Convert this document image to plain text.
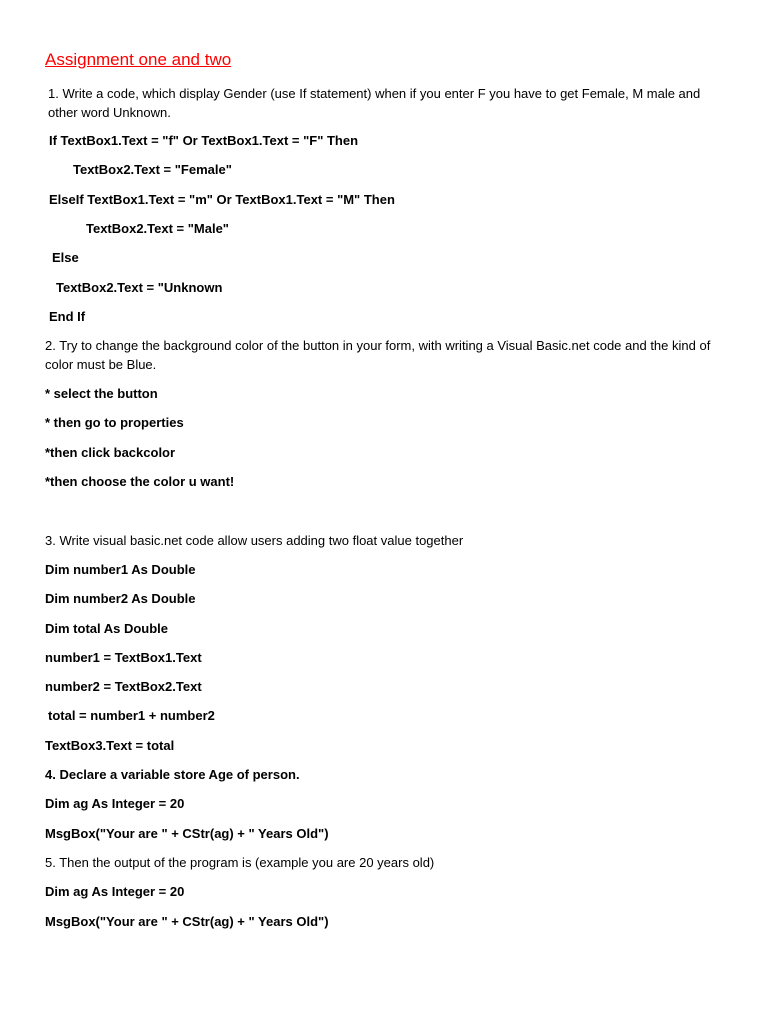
Assignment one and two

1. Write a code, which display Gender (use If statement) when if you enter F you have to get Female, M male and other word Unknown.

If TextBox1.Text = "f" Or TextBox1.Text = "F" Then

TextBox2.Text = "Female"

ElseIf TextBox1.Text = "m" Or TextBox1.Text = "M" Then

TextBox2.Text = "Male"

Else

TextBox2.Text = "Unknown

End If

2. Try to change the background color of the button in your form, with writing a Visual Basic.net code and the kind of color must be Blue.

* select the button

* then go to properties

*then click backcolor

*then choose the color u want!

3. Write visual basic.net code allow users adding two float value together

Dim number1 As Double

Dim number2 As Double

Dim total As Double

number1 = TextBox1.Text

number2 = TextBox2.Text

total = number1 + number2

TextBox3.Text = total

4. Declare a variable store Age of person.

Dim ag As Integer = 20

MsgBox("Your are " + CStr(ag) + " Years Old")

5. Then the output of the program is (example you are 20 years old)

Dim ag As Integer = 20

MsgBox("Your are " + CStr(ag) + " Years Old")
